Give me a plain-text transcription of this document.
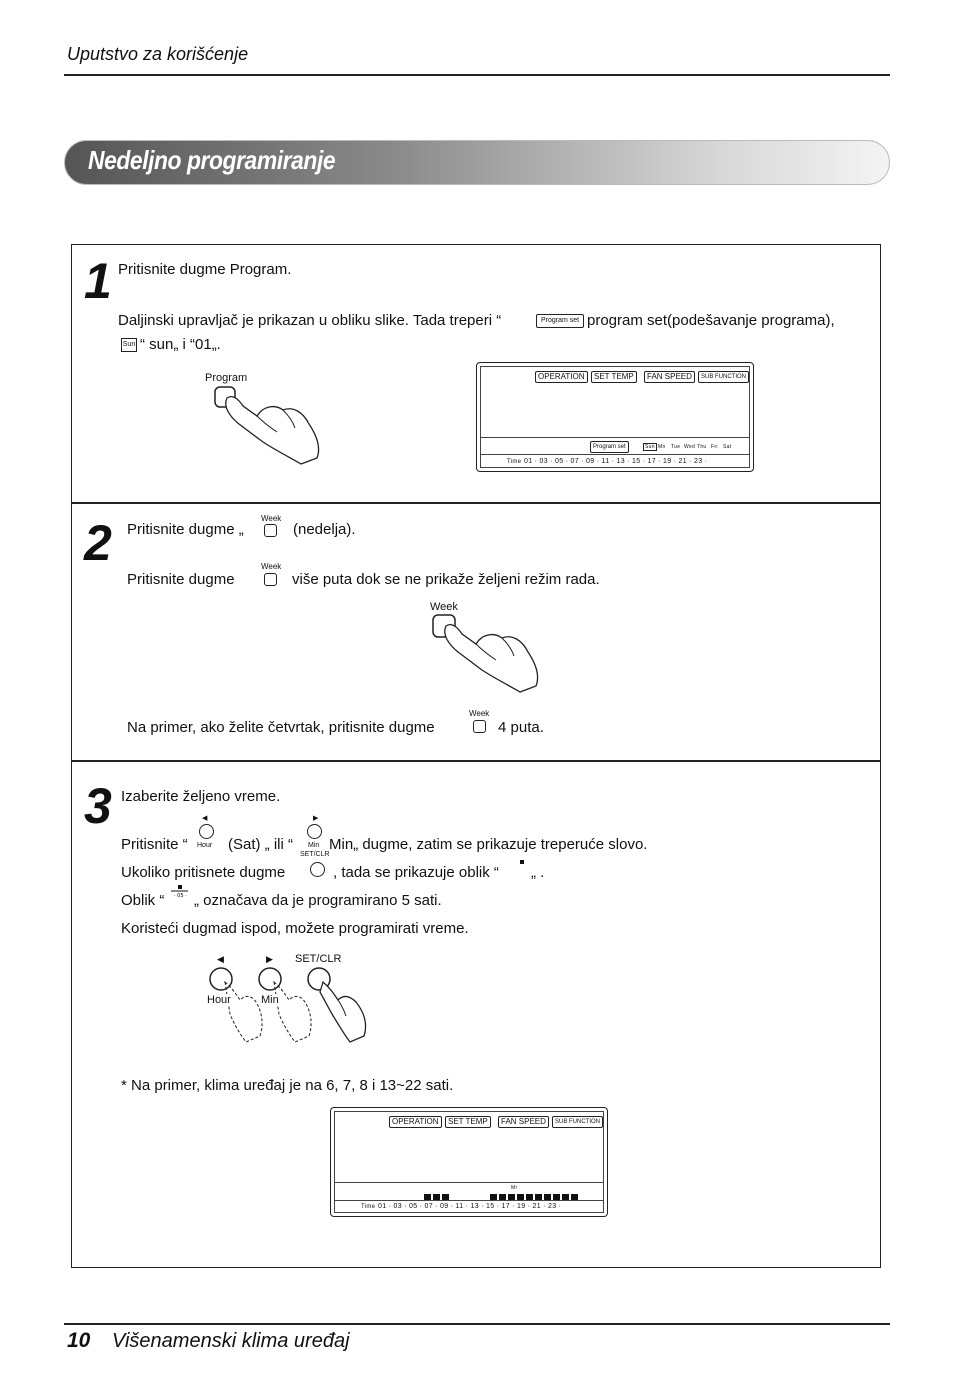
Uputstvo za korišćenje
Nedeljno programiranje
1 Pritisnite dugme Program.
Daljinski upravljač je prikazan u obliku slike. Tada treperi “	Program set program set(podešavanje programa),
Sun “ sun„ i “01„.
Program	OPERATION	SET TEMP	FAN SPEED	SUB FUNCTION
Program set	Sun Mn Tue Wed Thu Fri Sat
Time 01 · 03 · 05 · 07 · 09 · 11 · 13 · 15 · 17 · 19 · 21 · 23 ·
2 Pritisnite dugme „
Week
(nedelja).
Pritisnite dugme
Week
više puta dok se ne prikaže željeni režim rada.
Week
Na primer, ako želite četvrtak, pritisnite dugme
Week
4 puta.
3 Izaberite željeno vreme.
Pritisnite “
◀
Hour (Sat) „ ili “
▶
Min Min„ dugme, zatim se prikazuje treperuće slovo.
Ukoliko pritisnete dugme
SET/CLR
, tada se prikazuje oblik “ „ .
Oblik “ · 05 · „ označava da je programirano 5 sati.
Koristeći dugmad ispod, možete programirati vreme.
◀	▶ SET/CLR
Hour	Min
* Na primer, klima uređaj je na 6, 7, 8 i 13~22 sati.
OPERATION	SET TEMP	FAN SPEED	SUB FUNCTION
Mr
Time 01 · 03 · 05 · 07 · 09 · 11 · 13 · 15 · 17 · 19 · 21 · 23 ·
10 Višenamenski klima uređaj
